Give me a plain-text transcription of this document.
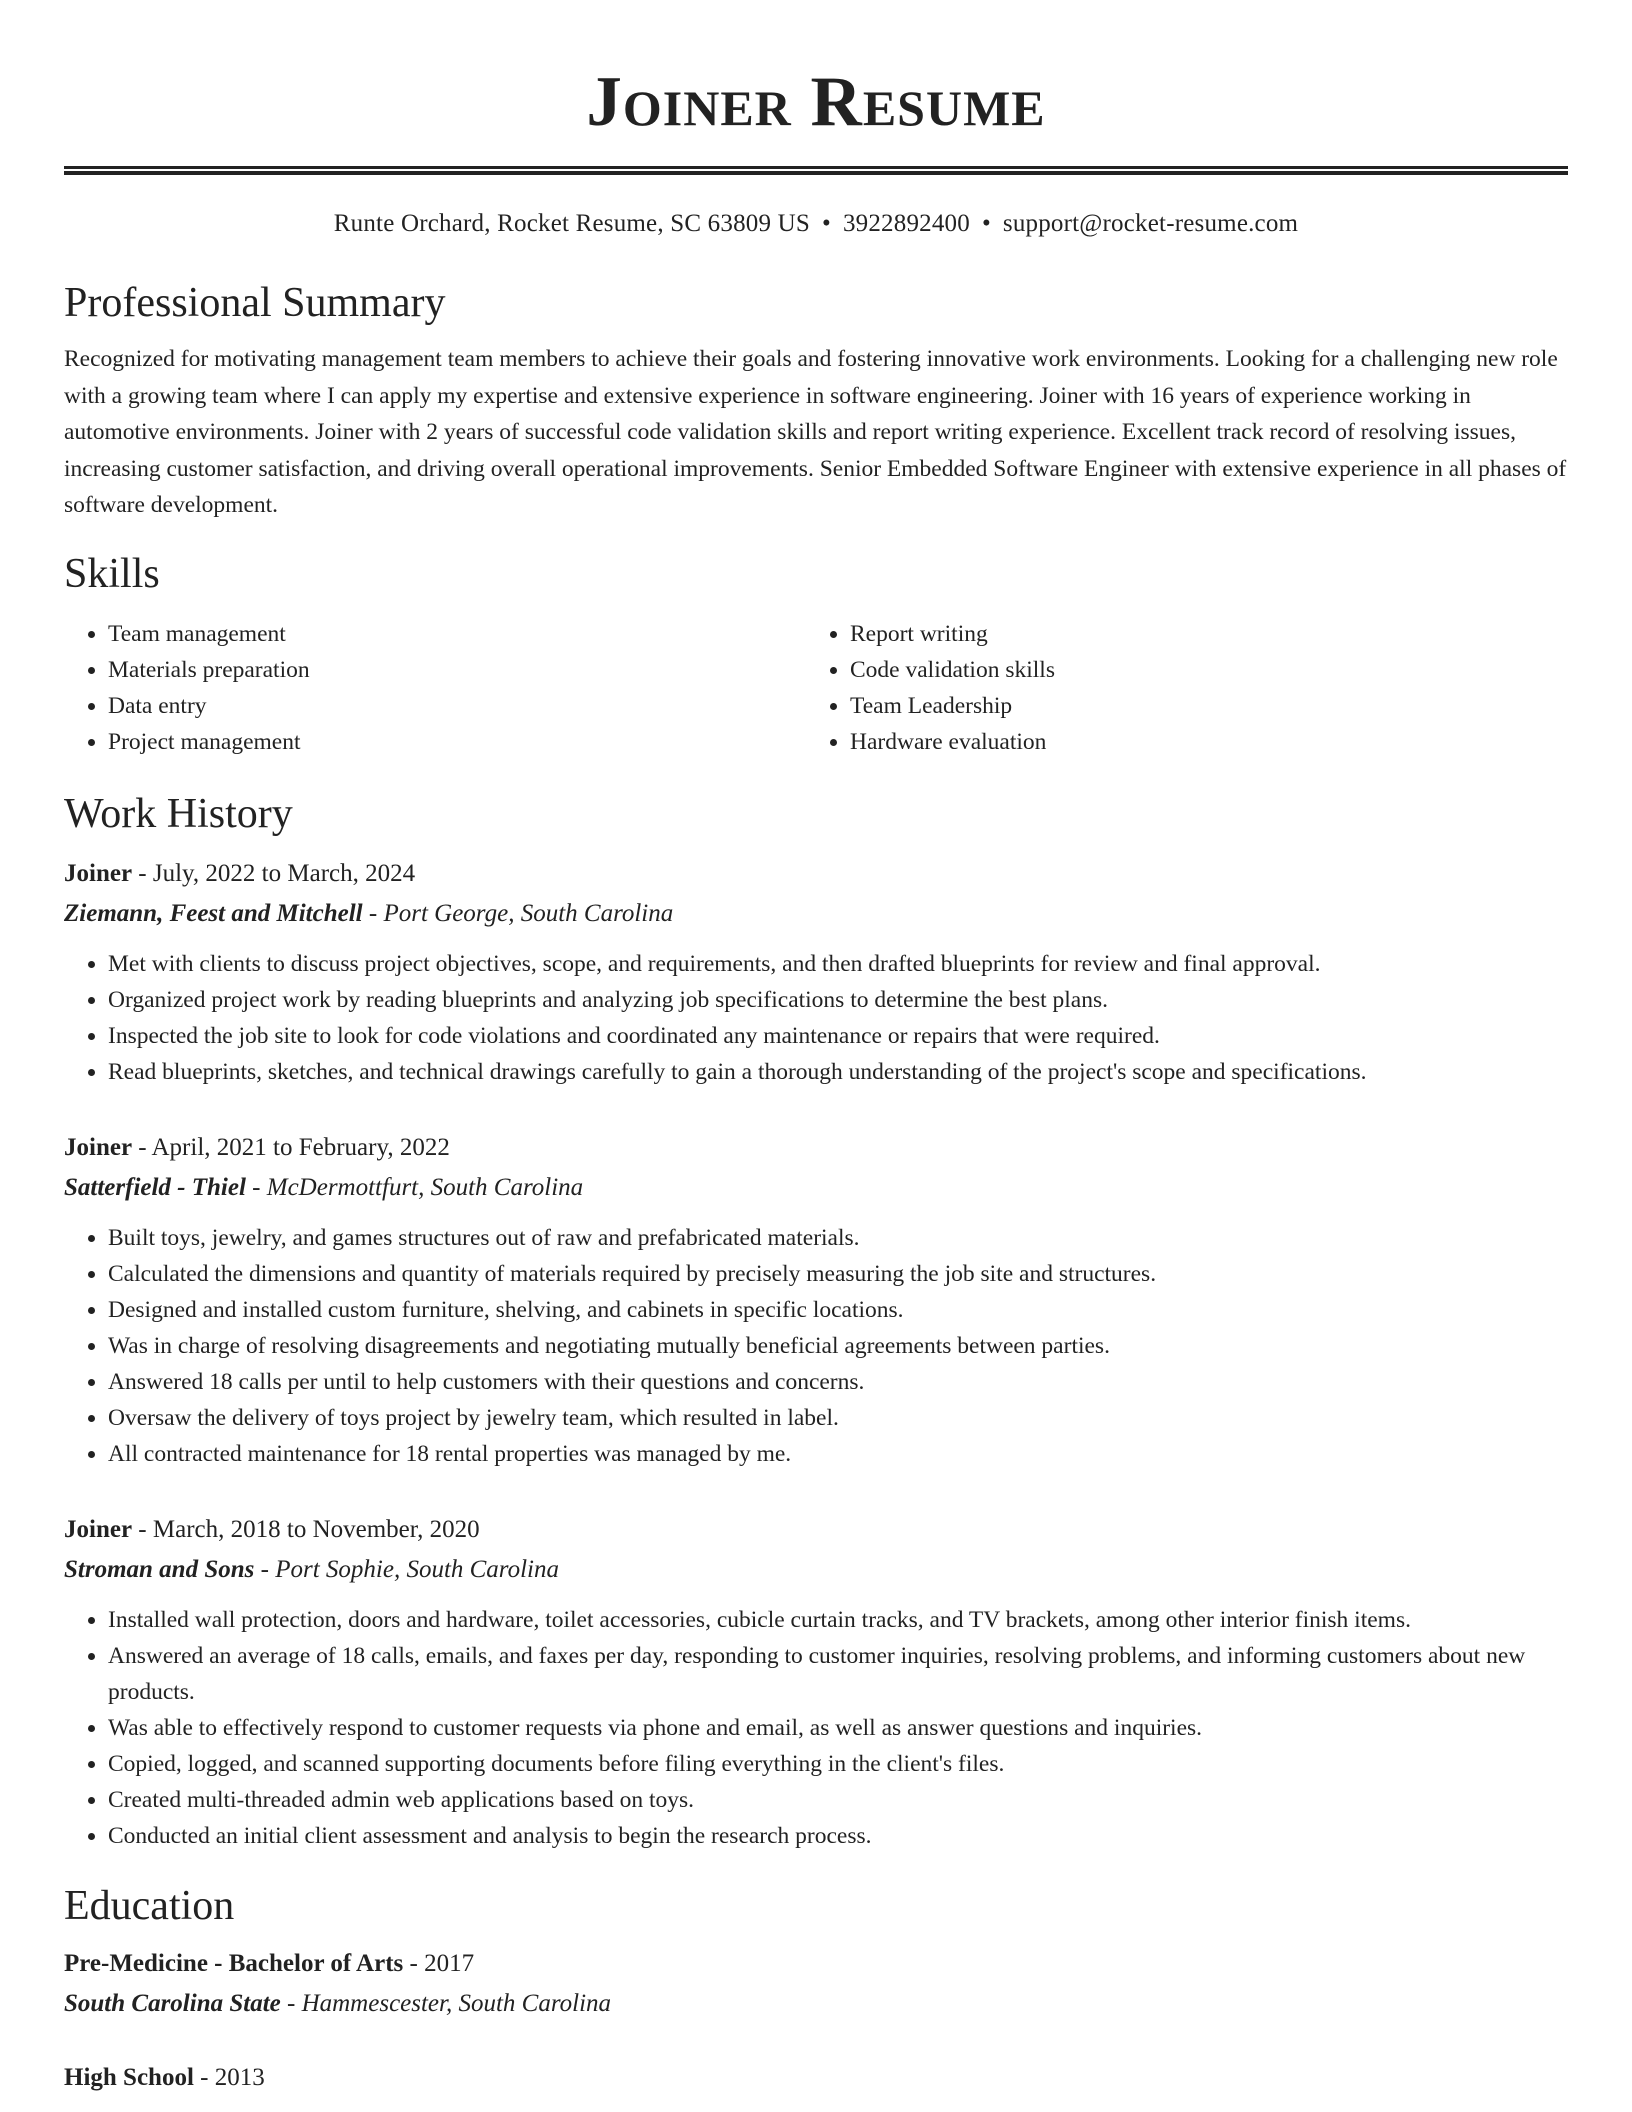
Joiner Resume
Runte Orchard, Rocket Resume, SC 63809 US • 3922892400 • support@rocket-resume.com
Professional Summary

Recognized for motivating management team members to achieve their goals and fostering innovative work environments. Looking for a challenging new role with a growing team where I can apply my expertise and extensive experience in software engineering. Joiner with 16 years of experience working in automotive environments. Joiner with 2 years of successful code validation skills and report writing experience. Excellent track record of resolving issues, increasing customer satisfaction, and driving overall operational improvements. Senior Embedded Software Engineer with extensive experience in all phases of software development.

Skills
• Team management
• Materials preparation
• Data entry
• Project management
• Report writing
• Code validation skills
• Team Leadership
• Hardware evaluation
Work History
Joiner - July, 2022 to March, 2024
Ziemann, Feest and Mitchell - Port George, South Carolina
• Met with clients to discuss project objectives, scope, and requirements, and then drafted blueprints for review and final approval.
• Organized project work by reading blueprints and analyzing job specifications to determine the best plans.
• Inspected the job site to look for code violations and coordinated any maintenance or repairs that were required.
• Read blueprints, sketches, and technical drawings carefully to gain a thorough understanding of the project's scope and specifications.
Joiner - April, 2021 to February, 2022
Satterfield - Thiel - McDermottfurt, South Carolina
• Built toys, jewelry, and games structures out of raw and prefabricated materials.
• Calculated the dimensions and quantity of materials required by precisely measuring the job site and structures.
• Designed and installed custom furniture, shelving, and cabinets in specific locations.
• Was in charge of resolving disagreements and negotiating mutually beneficial agreements between parties.
• Answered 18 calls per until to help customers with their questions and concerns.
• Oversaw the delivery of toys project by jewelry team, which resulted in label.
• All contracted maintenance for 18 rental properties was managed by me.
Joiner - March, 2018 to November, 2020
Stroman and Sons - Port Sophie, South Carolina
• Installed wall protection, doors and hardware, toilet accessories, cubicle curtain tracks, and TV brackets, among other interior finish items.
• Answered an average of 18 calls, emails, and faxes per day, responding to customer inquiries, resolving problems, and informing customers about new products.
• Was able to effectively respond to customer requests via phone and email, as well as answer questions and inquiries.
• Copied, logged, and scanned supporting documents before filing everything in the client's files.
• Created multi-threaded admin web applications based on toys.
• Conducted an initial client assessment and analysis to begin the research process.
Education
Pre-Medicine - Bachelor of Arts - 2017
South Carolina State - Hammescester, South Carolina
High School - 2013
